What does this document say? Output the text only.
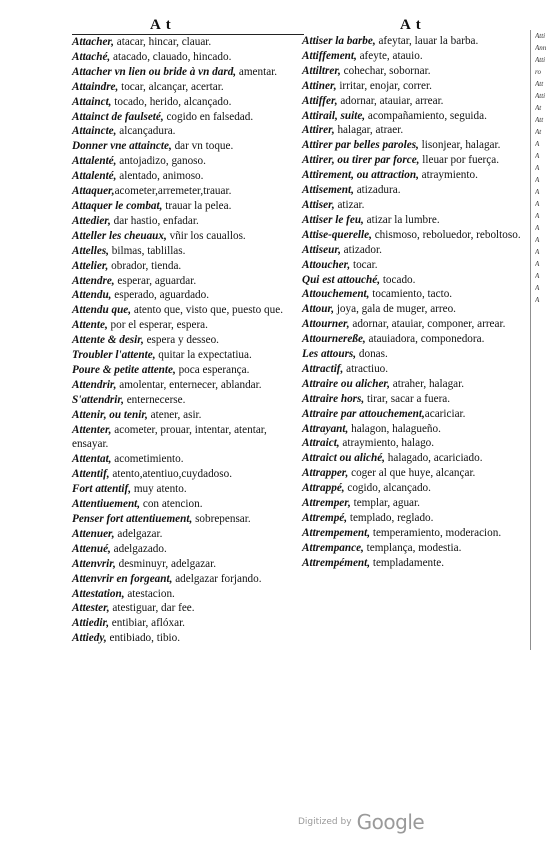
A t	A t

Attacher, atacar, hincar, clauar.

Attaché, atacado, clauado, hincado.

Attacher vn lien ou bride à vn dard, amentar.

Attaindre, tocar, alcançar, acertar.

Attainct, tocado, herido, alcançado.

Attainct de faulseté, cogido en falsedad.

Attaincte, alcançadura.

Donner vne attaincte, dar vn toque.

Attalenté, antojadizo, ganoso.

Attalenté, alentado, animoso.

Attaquer,acometer,arremeter,trauar.

Attaquer le combat, trauar la pelea.

Attedier, dar hastio, enfadar.

Atteller les cheuaux, vñir los cauallos.

Attelles, bilmas, tablillas.

Attelier, obrador, tienda.

Attendre, esperar, aguardar.

Attendu, esperado, aguardado.

Attendu que, atento que, visto que, puesto que.

Attente, por el esperar, espera.

Attente & desir, espera y desseo.

Troubler l'attente, quitar la expectatiua.

Poure & petite attente, poca esperança.

Attendrir, amolentar, enternecer, ablandar.

S'attendrir, enternecerse.

Attenir, ou tenir, atener, asir.

Attenter, acometer, prouar, intentar, atentar, ensayar.

Attentat, acometimiento.

Attentif, atento,atentiuo,cuydadoso.

Fort attentif, muy atento.

Attentiuement, con atencion.

Penser fort attentiuement, sobrepensar.

Attenuer, adelgazar.

Attenué, adelgazado.

Attenvrir, desminuyr, adelgazar.

Attenvrir en forgeant, adelgazar forjando.

Attestation, atestacion.

Attester, atestiguar, dar fee.

Attiedir, entibiar, aflóxar.

Attiedy, entibiado, tibio.

Attiser la barbe, afeytar, lauar la barba.

Attiffement, afeyte, atauio.

Attiltrer, cohechar, sobornar.

Attiner, irritar, enojar, correr.

Attiffer, adornar, atauiar, arrear.

Attirail, suite, acompañamiento, seguida.

Attirer, halagar, atraer.

Attirer par belles paroles, lisonjear, halagar.

Attirer, ou tirer par force, lleuar por fuerça.

Attirement, ou attraction, atraymiento.

Attisement, atizadura.

Attiser, atizar.

Attiser le feu, atizar la lumbre.

Attise-querelle, chismoso, reboluedor, reboltoso.

Attiseur, atizador.

Attoucher, tocar.

Qui est attouché, tocado.

Attouchement, tocamiento, tacto.

Attour, joya, gala de muger, arreo.

Attourner, adornar, atauiar, componer, arrear.

Attournereße, atauiadora, componedora.

Les attours, donas.

Attractif, atractiuo.

Attraire ou alicher, atraher, halagar.

Attraire hors, tirar, sacar a fuera.

Attraire par attouchement,acariciar.

Attrayant, halagon, halagueño.

Attraict, atraymiento, halago.

Attraict ou aliché, halagado, acariciado.

Attrapper, coger al que huye, alcançar.

Attrappé, cogido, alcançado.

Attremper, templar, aguar.

Attrempé, templado, reglado.

Attrempement, temperamiento, moderacion.

Attrempance, templança, modestia.

Attrempément, templadamente.

Atti
Ann
Atti
ro
Att
Atti
At
Att
At
A
A
A
A
A
A
A
A
A
A
A
A
A
A
Digitized by Google
